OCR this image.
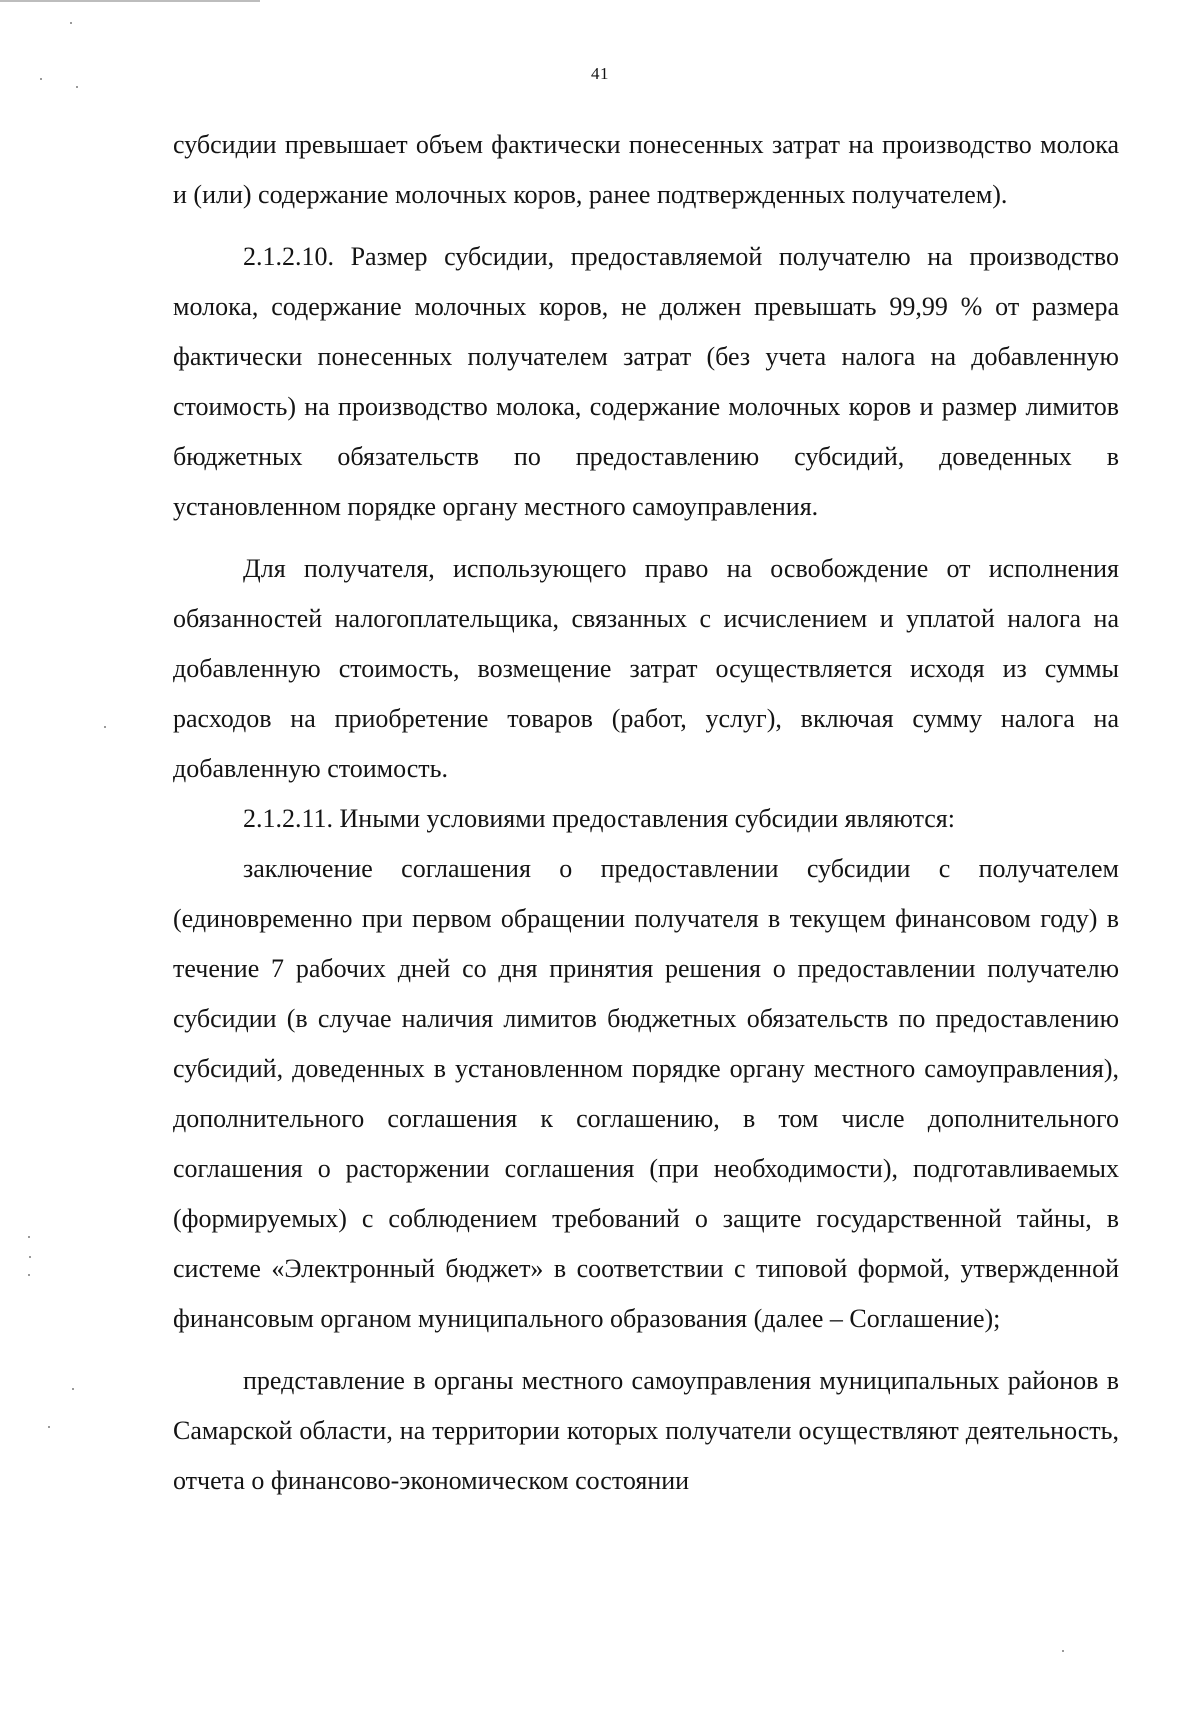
41

субсидии превышает объем фактически понесенных затрат на производство молока и (или) содержание молочных коров, ранее подтвержденных получателем).

2.1.2.10. Размер субсидии, предоставляемой получателю на производство молока, содержание молочных коров, не должен превышать 99,99 % от размера фактически понесенных получателем затрат (без учета налога на добавленную стоимость) на производство молока, содержание молочных коров и размер лимитов бюджетных обязательств по предоставлению субсидий, доведенных в установленном порядке органу местного самоуправления.

Для получателя, использующего право на освобождение от исполнения обязанностей налогоплательщика, связанных с исчислением и уплатой налога на добавленную стоимость, возмещение затрат осуществляется исходя из суммы расходов на приобретение товаров (работ, услуг), включая сумму налога на добавленную стоимость.

2.1.2.11. Иными условиями предоставления субсидии являются:

заключение соглашения о предоставлении субсидии с получателем (единовременно при первом обращении получателя в текущем финансовом году) в течение 7 рабочих дней со дня принятия решения о предоставлении получателю субсидии (в случае наличия лимитов бюджетных обязательств по предоставлению субсидий, доведенных в установленном порядке органу местного самоуправления), дополнительного соглашения к соглашению, в том числе дополнительного соглашения о расторжении соглашения (при необходимости), подготавливаемых (формируемых) с соблюдением требований о защите государственной тайны, в системе «Электронный бюджет» в соответствии с типовой формой, утвержденной финансовым органом муниципального образования (далее – Соглашение);

представление в органы местного самоуправления муниципальных районов в Самарской области, на территории которых получатели осуществляют деятельность, отчета о финансово-экономическом состоянии
